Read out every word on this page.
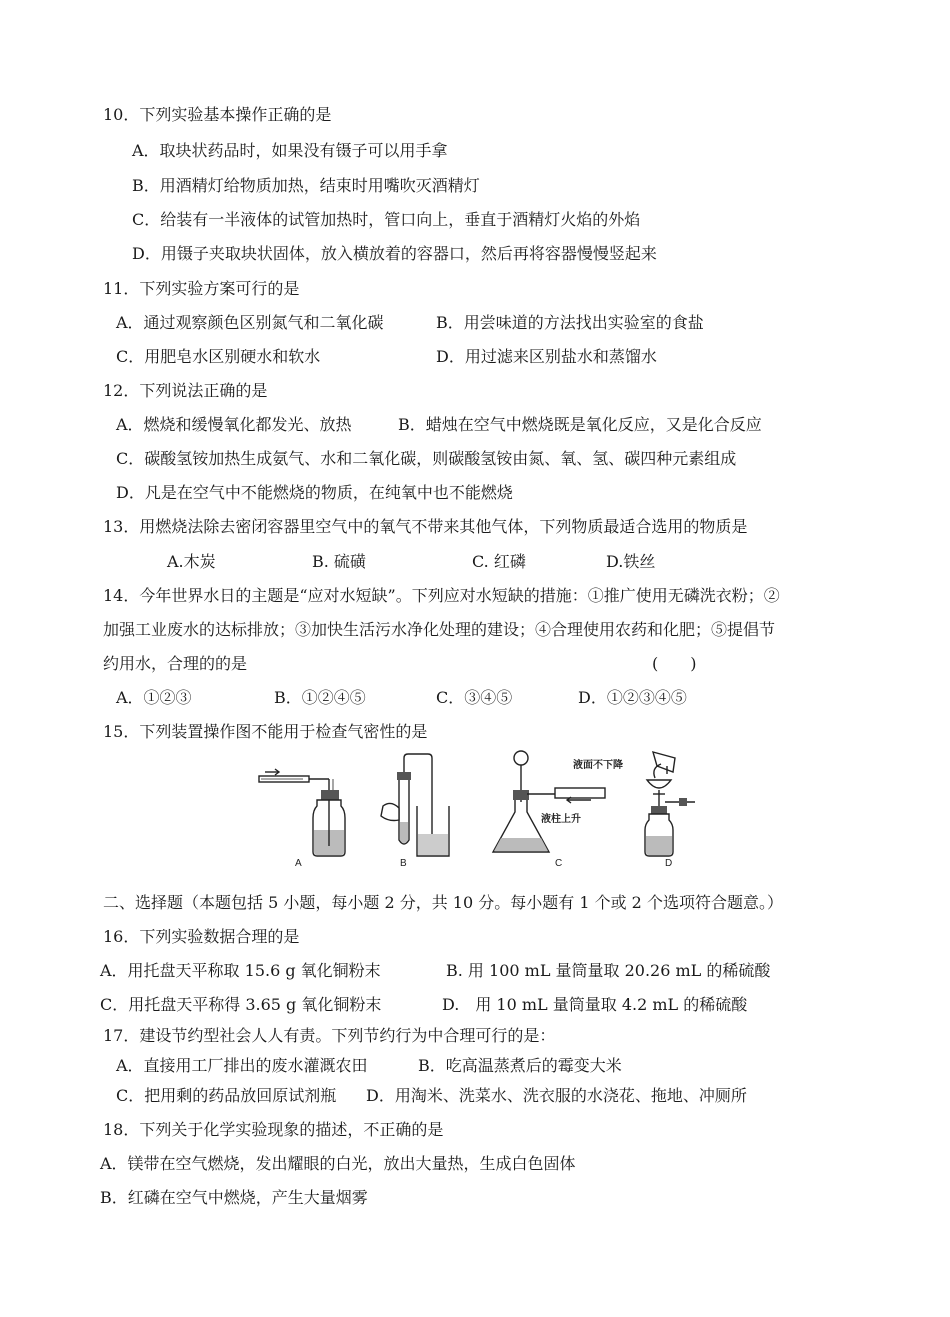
10．下列实验基本操作正确的是
A．取块状药品时，如果没有镊子可以用手拿
B．用酒精灯给物质加热，结束时用嘴吹灭酒精灯
C．给装有一半液体的试管加热时，管口向上，垂直于酒精灯火焰的外焰
D．用镊子夹取块状固体，放入横放着的容器口，然后再将容器慢慢竖起来
11．下列实验方案可行的是
A．通过观察颜色区别氮气和二氧化碳	B．用尝味道的方法找出实验室的食盐
C．用肥皂水区别硬水和软水	D．用过滤来区别盐水和蒸馏水
12．下列说法正确的是
A．燃烧和缓慢氧化都发光、放热	B．蜡烛在空气中燃烧既是氧化反应，又是化合反应
C．碳酸氢铵加热生成氨气、水和二氧化碳，则碳酸氢铵由氮、氧、氢、碳四种元素组成
D．凡是在空气中不能燃烧的物质，在纯氧中也不能燃烧
13．用燃烧法除去密闭容器里空气中的氧气不带来其他气体，下列物质最适合选用的物质是
A.木炭	B. 硫磺	C. 红磷	D.铁丝
14．今年世界水日的主题是“应对水短缺”。下列应对水短缺的措施：①推广使用无磷洗衣粉；②
加强工业废水的达标排放；③加快生活污水净化处理的建设；④合理使用农药和化肥；⑤提倡节
约用水，合理的的是	(　　)
A．①②③	B．①②④⑤	C．③④⑤	D．①②③④⑤
15．下列装置操作图不能用于检查气密性的是
A	B	C
液柱上升
D
液面不下降
二、选择题（本题包括 5 小题，每小题 2 分，共 10 分。每小题有 1 个或 2 个选项符合题意。）
16．下列实验数据合理的是
A．用托盘天平称取 15.6 g 氧化铜粉末	B. 用 100 mL 量筒量取 20.26 mL 的稀硫酸
C．用托盘天平称得 3.65 g 氧化铜粉末	D.　用 10 mL 量筒量取 4.2 mL 的稀硫酸
17．建设节约型社会人人有责。下列节约行为中合理可行的是：
A．直接用工厂排出的废水灌溉农田	B．吃高温蒸煮后的霉变大米
C．把用剩的药品放回原试剂瓶 D．用淘米、洗菜水、洗衣服的水浇花、拖地、冲厕所
18．下列关于化学实验现象的描述，不正确的是
A．镁带在空气燃烧，发出耀眼的白光，放出大量热，生成白色固体
B．红磷在空气中燃烧，产生大量烟雾
